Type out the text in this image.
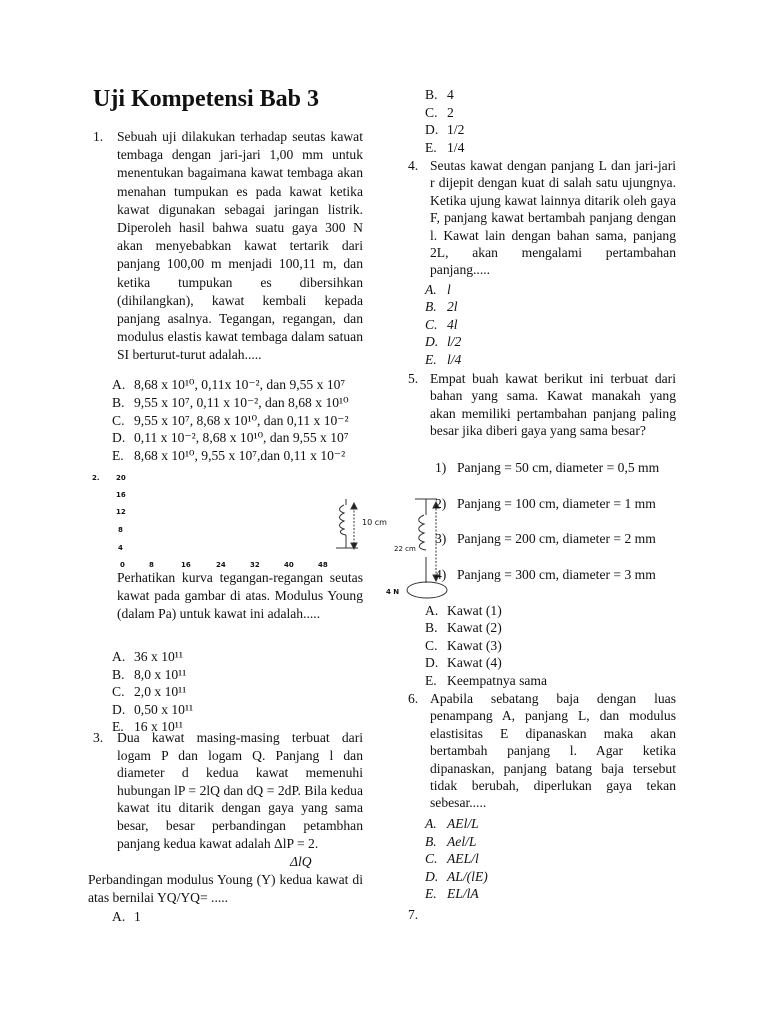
Uji Kompetensi Bab 3
1. Sebuah uji dilakukan terhadap seutas kawat tembaga dengan jari-jari 1,00 mm untuk menentukan bagaimana kawat tembaga akan menahan tumpukan es pada kawat ketika kawat digunakan sebagai jaringan listrik. Diperoleh hasil bahwa suatu gaya 300 N akan menyebabkan kawat tertarik dari panjang 100,00 m menjadi 100,11 m, dan ketika tumpukan es dibersihkan (dihilangkan), kawat kembali kepada panjang asalnya. Tegangan, regangan, dan modulus elastis kawat tembaga dalam satuan SI berturut-turut adalah.....
A. 8,68 x 10¹⁰, 0,11x 10⁻², dan 9,55 x 10⁷
B. 9,55 x 10⁷, 0,11 x 10⁻², dan 8,68 x 10¹⁰
C. 9,55 x 10⁷, 8,68 x 10¹⁰, dan 0,11 x 10⁻²
D. 0,11 x 10⁻², 8,68 x 10¹⁰, dan 9,55 x 10⁷
E. 8,68 x 10¹⁰, 9,55 x 10⁷,dan 0,11 x 10⁻²
2. 20
16
12
8
4
0	8	16	24	32	40	48
10 cm
22 cm
4 N
Perhatikan kurva tegangan-regangan seutas kawat pada gambar di atas. Modulus Young (dalam Pa) untuk kawat ini adalah.....
A. 36 x 10¹¹
B. 8,0 x 10¹¹
C. 2,0 x 10¹¹
D. 0,50 x 10¹¹
E. 16 x 10¹¹
3. Dua kawat masing-masing terbuat dari logam P dan logam Q. Panjang l dan diameter d kedua kawat memenuhi hubungan lP = 2lQ dan dQ = 2dP. Bila kedua kawat itu ditarik dengan gaya yang sama besar, besar perbandingan petambhan panjang kedua kawat adalah ΔlP = 2.
ΔlQ
Perbandingan modulus Young (Y) kedua kawat di atas bernilai YQ/YQ= .....
A. 1
B. 4
C. 2
D. 1/2
E. 1/4
4. Seutas kawat dengan panjang L dan jari-jari r dijepit dengan kuat di salah satu ujungnya. Ketika ujung kawat lainnya ditarik oleh gaya F, panjang kawat bertambah panjang dengan l. Kawat lain dengan bahan sama, panjang 2L, akan mengalami pertambahan panjang.....
A. l
B. 2l
C. 4l
D. l/2
E. l/4
5. Empat buah kawat berikut ini terbuat dari bahan yang sama. Kawat manakah yang akan memiliki pertambahan panjang paling besar jika diberi gaya yang sama besar?
1) Panjang = 50 cm, diameter = 0,5 mm
2) Panjang = 100 cm, diameter = 1 mm
3) Panjang = 200 cm, diameter = 2 mm
4) Panjang = 300 cm, diameter = 3 mm
A. Kawat (1)
B. Kawat (2)
C. Kawat (3)
D. Kawat (4)
E. Keempatnya sama
6. Apabila sebatang baja dengan luas penampang A, panjang L, dan modulus elastisitas E dipanaskan maka akan bertambah panjang l. Agar ketika dipanaskan, panjang batang baja tersebut tidak berubah, diperlukan gaya tekan sebesar.....
A. AEl/L
B. Ael/L
C. AEL/l
D. AL/(lE)
E. EL/lA
7.
